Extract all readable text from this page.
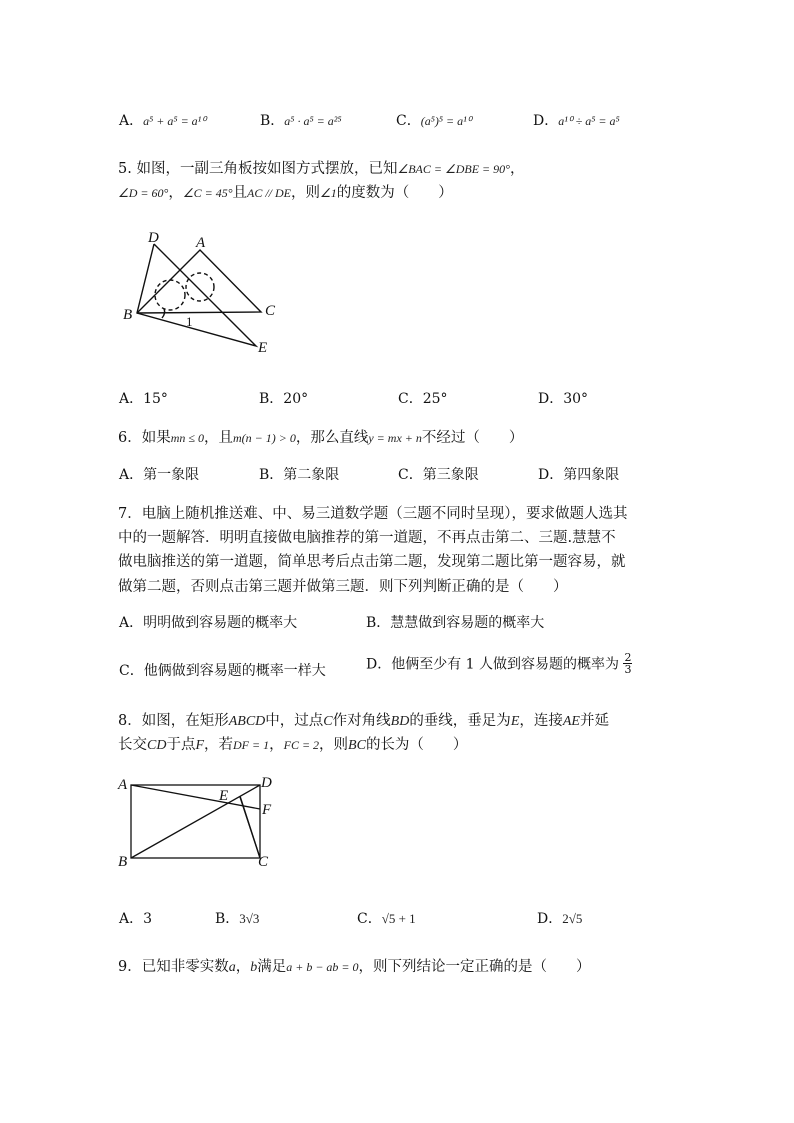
A．a⁵ + a⁵ = a¹⁰	B．a⁵ · a⁵ = a²⁵	C．(a⁵)⁵ = a¹⁰	D．a¹⁰ ÷ a⁵ = a⁵
5. 如图，一副三角板按如图方式摆放，已知∠BAC = ∠DBE = 90°，
∠D = 60°，∠C = 45°且AC // DE，则∠1的度数为（　　）
D A
B	C
E
1
A．15°	B．20°	C．25°	D．30°
6．如果mn ≤ 0，且m(n − 1) > 0，那么直线y = mx + n不经过（　　）
A．第一象限	B．第二象限	C．第三象限	D．第四象限
7．电脑上随机推送难、中、易三道数学题（三题不同时呈现），要求做题人选其
中的一题解答．明明直接做电脑推荐的第一道题，不再点击第二、三题.慧慧不
做电脑推送的第一道题，简单思考后点击第二题，发现第二题比第一题容易，就
做第二题，否则点击第三题并做第三题．则下列判断正确的是（　　）
A．明明做到容易题的概率大	B．慧慧做到容易题的概率大
C．他俩做到容易题的概率一样大	D．他俩至少有 1 人做到容易题的概率为 $\frac{2}{3}$
8．如图，在矩形ABCD中，过点C作对角线BD的垂线，垂足为E，连接AE并延
长交CD于点F，若DF = 1，FC = 2，则BC的长为（　　）
A	D
E
F
B	C
A．3	B．3√3	C．√5 + 1	D．2√5
9．已知非零实数a，b满足a + b − ab = 0，则下列结论一定正确的是（　　）
